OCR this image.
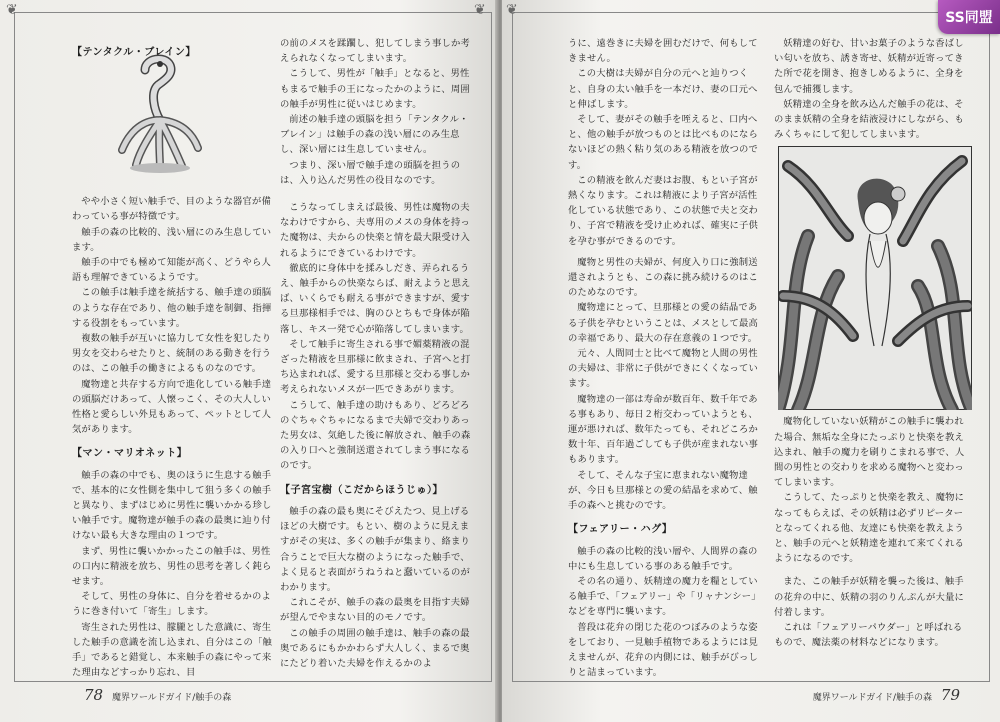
❦	❦
【テンタクル・ブレイン】

やや小さく短い触手で、目のような器官が備わっている事が特徴です。

触手の森の比較的、浅い層にのみ生息しています。

触手の中でも極めて知能が高く、どうやら人語も理解できているようです。

この触手は触手達を統括する、触手達の頭脳のような存在であり、他の触手達を制御、指揮する役割をもっています。

複数の触手が互いに協力して女性を犯したり男女を交わらせたりと、統制のある動きを行うのは、この触手の働きによるものなのです。

魔物達と共存する方向で進化している触手達の頭脳だけあって、人懐っこく、その大人しい性格と愛らしい外見もあって、ペットとして人気があります。

【マン・マリオネット】

触手の森の中でも、奥のほうに生息する触手で、基本的に女性側を集中して狙う多くの触手と異なり、まずはじめに男性に襲いかかる珍しい触手です。魔物達が触手の森の最奥に辿り付けない最も大きな理由の１つです。

まず、男性に襲いかかったこの触手は、男性の口内に精液を放ち、男性の思考を著しく鈍らせます。

そして、男性の身体に、自分を着せるかのように巻き付いて「寄生」します。

寄生された男性は、朦朧とした意識に、寄生した触手の意識を流し込まれ、自分はこの「触手」であると錯覚し、本来触手の森にやって来た理由などすっかり忘れ、目

の前のメスを蹂躙し、犯してしまう事しか考えられなくなってしまいます。

こうして、男性が「触手」となると、男性もまるで触手の王になったかのように、周囲の触手が男性に従いはじめます。

前述の触手達の頭脳を担う「テンタクル・ブレイン」は触手の森の浅い層にのみ生息し、深い層には生息していません。

つまり、深い層で触手達の頭脳を担うのは、入り込んだ男性の役目なのです。

こうなってしまえば最後、男性は魔物の夫なわけですから、夫専用のメスの身体を持った魔物は、夫からの快楽と情を最大限受け入れるようにできているわけです。

徹底的に身体中を揉みしだき、弄られるうえ、触手からの快楽ならば、耐えようと思えば、いくらでも耐える事ができますが、愛する旦那様相手では、胸のひとちもで身体が陥落し、キス一発で心が陥落してしまいます。

そして触手に寄生される事で媚薬精液の混ざった精液を旦那様に飲まされ、子宮へと打ち込まれれば、愛する旦那様と交わる事しか考えられないメスが一匹できあがります。

こうして、触手達の助けもあり、どろどろのぐちゃぐちゃになるまで夫婦で交わりあった男女は、気絶した後に解放され、触手の森の入り口へと強制送還されてしまう事になるのです。

【子宮宝樹（こだからほうじゅ）】

触手の森の最も奥にそびえたつ、見上げるほどの大樹です。もとい、樹のように見えますがその実は、多くの触手が集まり、絡まり合うことで巨大な樹のようになった触手で、よく見ると表面がうねうねと蠢いているのがわかります。

これこそが、触手の森の最奥を目指す夫婦が望んでやまない目的のモノです。

この触手の周囲の触手達は、触手の森の最奥であるにもかかわらず大人しく、まるで奥にたどり着いた夫婦を作えるかのよ

78 魔界ワールドガイド/触手の森
❦

うに、遠巻きに夫婦を囲むだけで、何もしてきません。

この大樹は夫婦が自分の元へと辿りつくと、自身の太い触手を一本だけ、妻の口元へと伸ばします。

そして、妻がその触手を咥えると、口内へと、他の触手が放つものとは比べものにならないほどの熱く粘り気のある精液を放つのです。

この精液を飲んだ妻はお腹、もとい子宮が熱くなります。これは精液により子宮が活性化している状態であり、この状態で夫と交わり、子宮で精液を受け止めれば、確実に子供を孕む事ができるのです。

魔物と男性の夫婦が、何度入り口に強制送還されようとも、この森に挑み続けるのはこのためなのです。

魔物達にとって、旦那様との愛の結晶である子供を孕むということは、メスとして最高の幸福であり、最大の存在意義の１つです。

元々、人間同士と比べて魔物と人間の男性の夫婦は、非常に子供ができにくくなっています。

魔物達の一部は寿命が数百年、数千年である事もあり、毎日２桁交わっていようとも、運が悪ければ、数年たっても、それどころか数十年、百年過ごしても子供が産まれない事もあります。

そして、そんな子宝に恵まれない魔物達が、今日も旦那様との愛の結晶を求めて、触手の森へと挑むのです。

【フェアリー・ハグ】

触手の森の比較的浅い層や、人間界の森の中にも生息している事のある触手です。

その名の通り、妖精達の魔力を糧としている触手で、「フェアリー」や「リャナンシー」などを専門に襲います。

普段は花弁の閉じた花のつぼみのような姿をしており、一見触手植物であるようには見えませんが、花弁の内側には、触手がびっしりと詰まっています。

妖精達の好む、甘いお菓子のような香ばしい匂いを放ち、誘き寄せ、妖精が近寄ってきた所で花を開き、抱きしめるように、全身を包んで捕獲します。

妖精達の全身を飲み込んだ触手の花は、そのまま妖精の全身を結液浸けにしながら、もみくちゃにして犯してしまいます。

魔物化していない妖精がこの触手に襲われた場合、無垢な全身にたっぷりと快楽を教え込まれ、触手の魔力を刷りこまれる事で、人間の男性との交わりを求める魔物へと変わってしまいます。

こうして、たっぷりと快楽を教え、魔物になってもらえば、その妖精は必ずリピーターとなってくれる他、友達にも快楽を教えようと、触手の元へと妖精達を連れて来てくれるようになるのです。

また、この触手が妖精を襲った後は、触手の花弁の中に、妖精の羽のりんぷんが大量に付着します。

これは「フェアリーパウダー」と呼ばれるもので、魔法薬の材料などになります。

魔界ワールドガイド/触手の森 79
SS同盟
